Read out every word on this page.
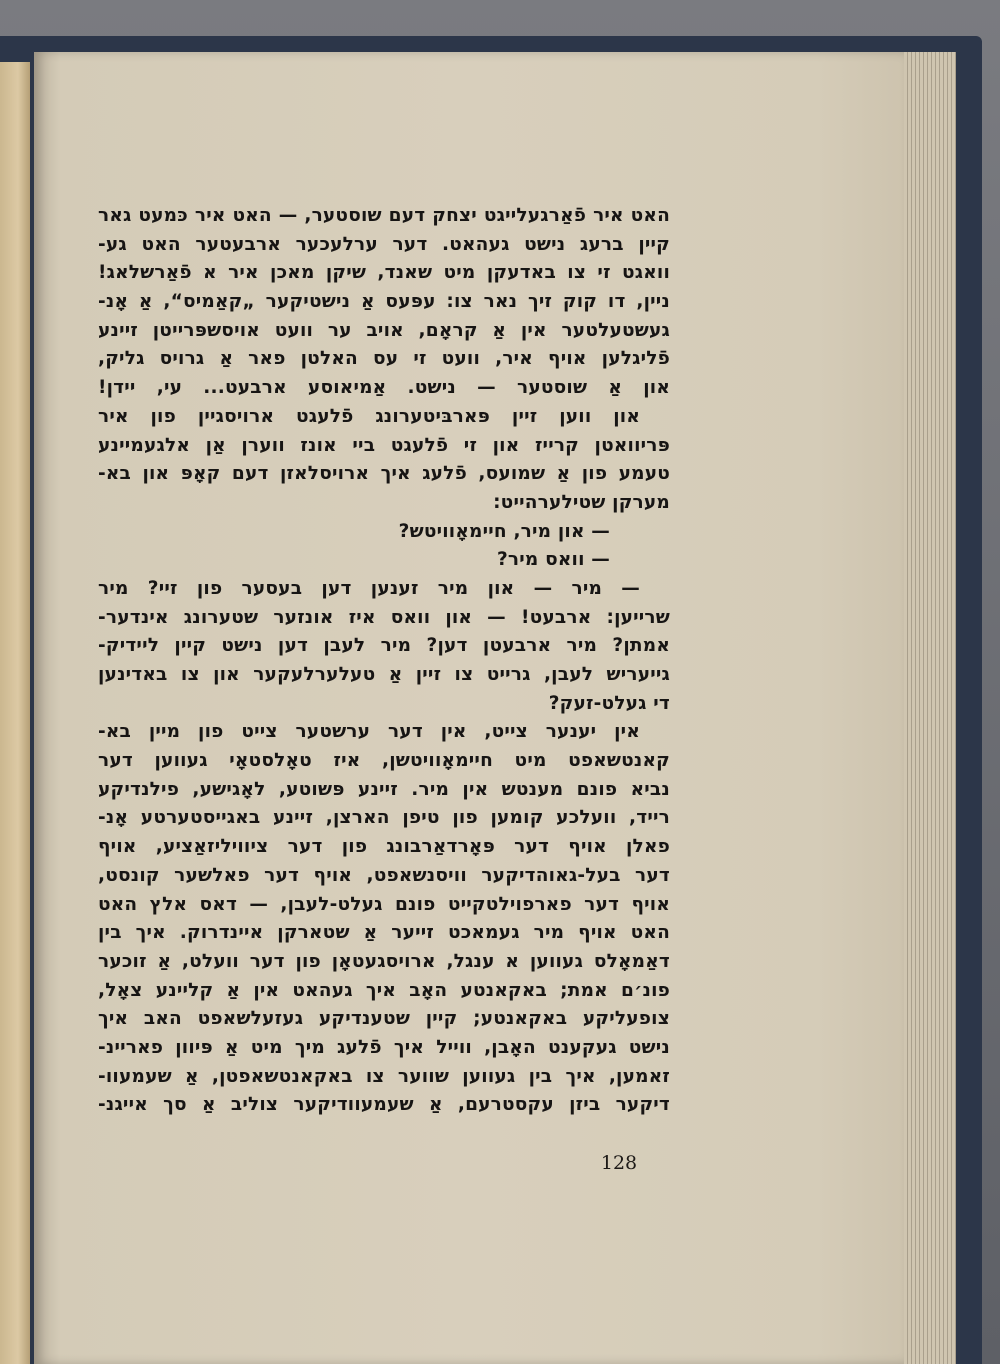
האט איר פֿאַרגעלייגט יצחק דעם שוסטער, — האט איר כּמעט גאר
קיין ברעג נישט געהאט. דער ערלעכער ארבעטער האט גע-
וואגט זי צו באדעקן מיט שאנד, שיקן מאכן איר א פֿאַרשלאג!
ניין, דו קוק זיך נאר צו: עפּעס אַ נישטיקער „קאַמיס“, אַ אָנ-
געשטעלטער אין אַ קראָם, אויב ער וועט אויסשפּרייטן זיינע
פֿליגלען אויף איר, וועט זי עס האלטן פאר אַ גרויס גליק,
און אַ שוסטער — נישט. אַמיאוסע ארבעט... עי, יידן!
און ווען זיין פּארבּיטערונג פֿלעגט ארויסגיין פון איר
פּריוואטן קרייז און זי פֿלעגט ביי אונז ווערן אַן אלגעמיינע
טעמע פון אַ שמועס, פֿלעג איך ארויסלאזן דעם קאָפּ און בא-
מערקן שטילערהייט:
— און מיר, חיימאָוויטש?
— וואס מיר?
— מיר — און מיר זענען דען בעסער פון זיי? מיר
שרייען: ארבעט! — און וואס איז אונזער שטערונג אינדער-
אמתן? מיר ארבעטן דען? מיר לעבן דען נישט קיין ליידיק-
גייעריש לעבן, גרייט צו זיין אַ טעלערלעקער און צו באדינען
די געלט-זעק?
אין יענער צייט, אין דער ערשטער צייט פון מיין בא-
קאנטשאפט מיט חיימאָוויטשן, איז טאָלסטאָי געווען דער
נביא פונם מענטש אין מיר. זיינע פּשוטע, לאָגישע, פילנדיקע
רייד, וועלכע קומען פון טיפן הארצן, זיינע באגייסטערטע אָנ-
פאלן אויף דער פּאָרדאַרבונג פון דער ציוויליזאַציע, אויף
דער בעל-גאוהדיקער וויסנשאפט, אויף דער פאלשער קונסט,
אויף דער פארפוילטקייט פונם געלט-לעבן, — דאס אלץ האט
האט אויף מיר געמאכט זייער אַ שטארקן איינדרוק. איך בין
דאַמאָלס געווען א ענגל, ארויסגעטאָן פון דער וועלט, אַ זוכער
פונ׳ם אמת; באקאנטע האָב איך געהאט אין אַ קליינע צאָל,
צופעליקע באקאנטע; קיין שטענדיקע געזעלשאפט האב איך
נישט געקענט האָבן, ווייל איך פֿלעג מיך מיט אַ פּיוון פאריינ-
זאמען, איך בין געווען שווער צו באקאנטשאפטן, אַ שעמעוו-
דיקער ביזן עקסטרעם, אַ שעמעוודיקער צוליב אַ סך אייגנ-
128
